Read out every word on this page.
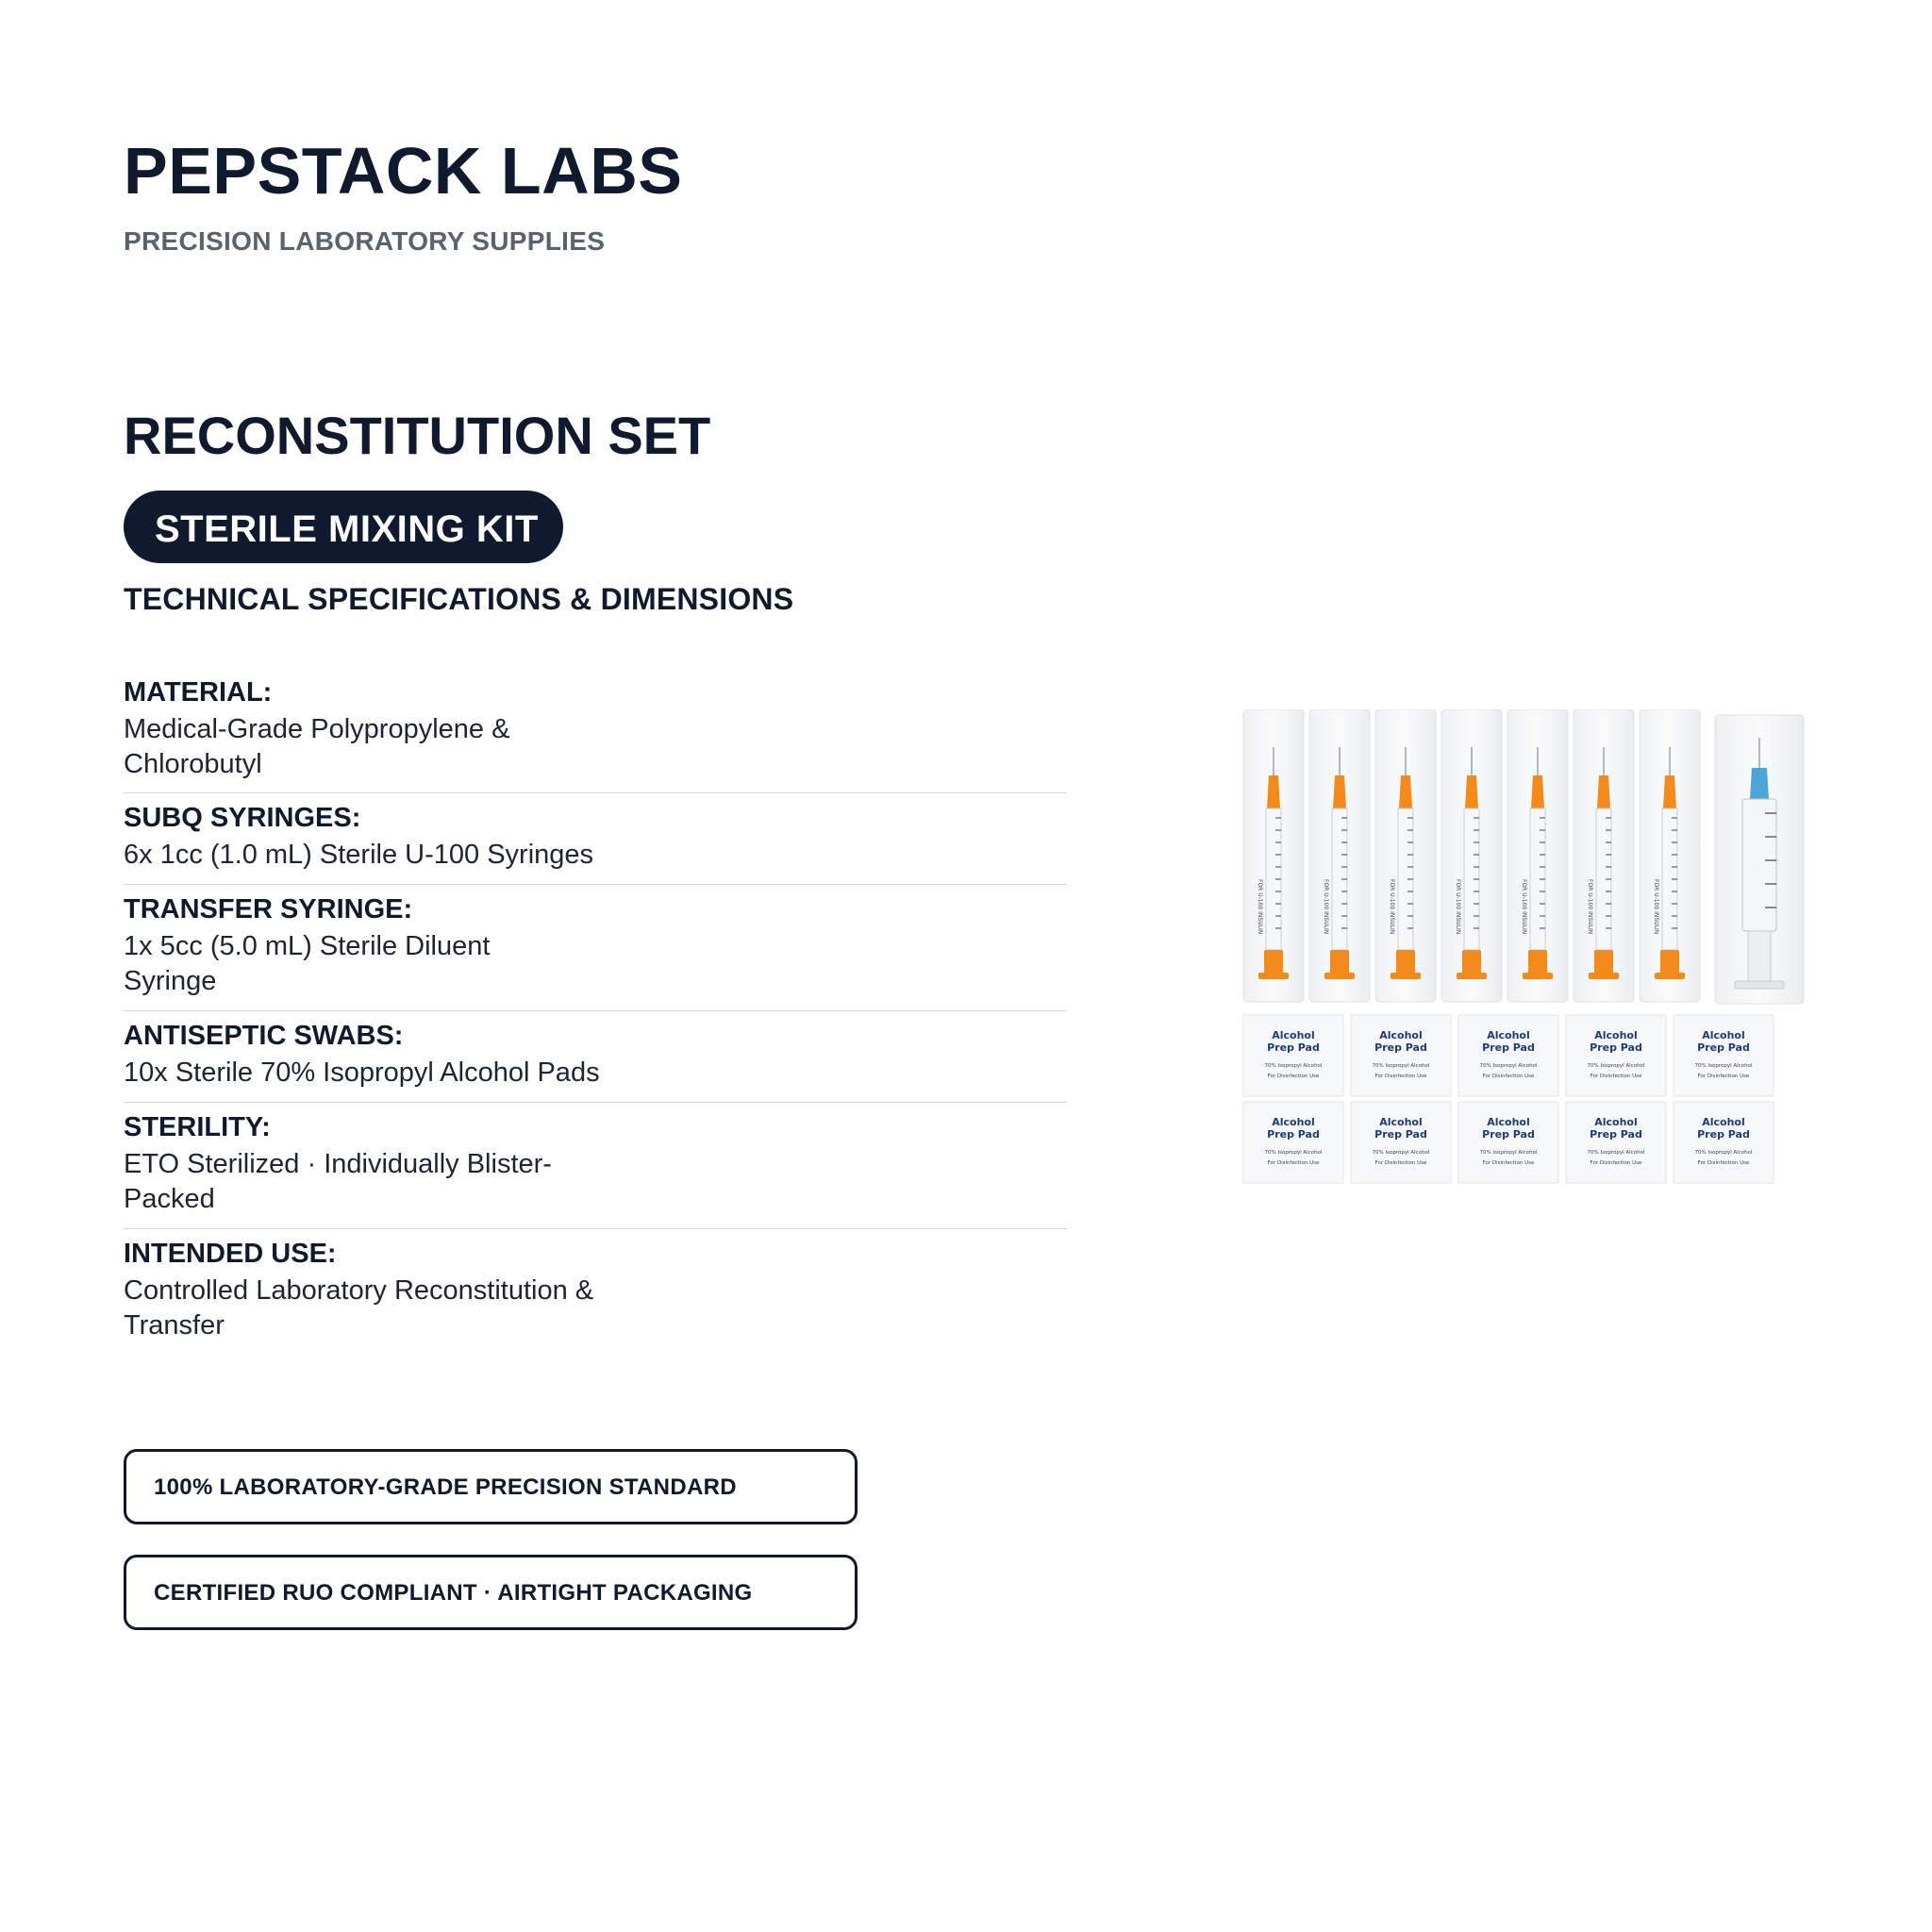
PEPSTACK LABS
PRECISION LABORATORY SUPPLIES
RECONSTITUTION SET
STERILE MIXING KIT
TECHNICAL SPECIFICATIONS & DIMENSIONS
MATERIAL:
Medical-Grade Polypropylene &
Chlorobutyl
SUBQ SYRINGES:
6x 1cc (1.0 mL) Sterile U-100 Syringes
TRANSFER SYRINGE:
1x 5cc (5.0 mL) Sterile Diluent
Syringe
ANTISEPTIC SWABS:
10x Sterile 70% Isopropyl Alcohol Pads
STERILITY:
ETO Sterilized · Individually Blister-
Packed
INTENDED USE:
Controlled Laboratory Reconstitution &
Transfer
100% LABORATORY-GRADE PRECISION STANDARD
CERTIFIED RUO COMPLIANT · AIRTIGHT PACKAGING
FOR U-100 INSULIN	FOR U-100 INSULIN	FOR U-100 INSULIN	FOR U-100 INSULIN	FOR U-100 INSULIN	FOR U-100 INSULIN	FOR U-100 INSULIN
Alcohol
Prep Pad
70% Isopropyl Alcohol
For Disinfection Use
Alcohol
Prep Pad
70% Isopropyl Alcohol
For Disinfection Use
Alcohol
Prep Pad
70% Isopropyl Alcohol
For Disinfection Use
Alcohol
Prep Pad
70% Isopropyl Alcohol
For Disinfection Use
Alcohol
Prep Pad
70% Isopropyl Alcohol
For Disinfection Use
Alcohol
Prep Pad
70% Isopropyl Alcohol
For Disinfection Use
Alcohol
Prep Pad
70% Isopropyl Alcohol
For Disinfection Use
Alcohol
Prep Pad
70% Isopropyl Alcohol
For Disinfection Use
Alcohol
Prep Pad
70% Isopropyl Alcohol
For Disinfection Use
Alcohol
Prep Pad
70% Isopropyl Alcohol
For Disinfection Use
